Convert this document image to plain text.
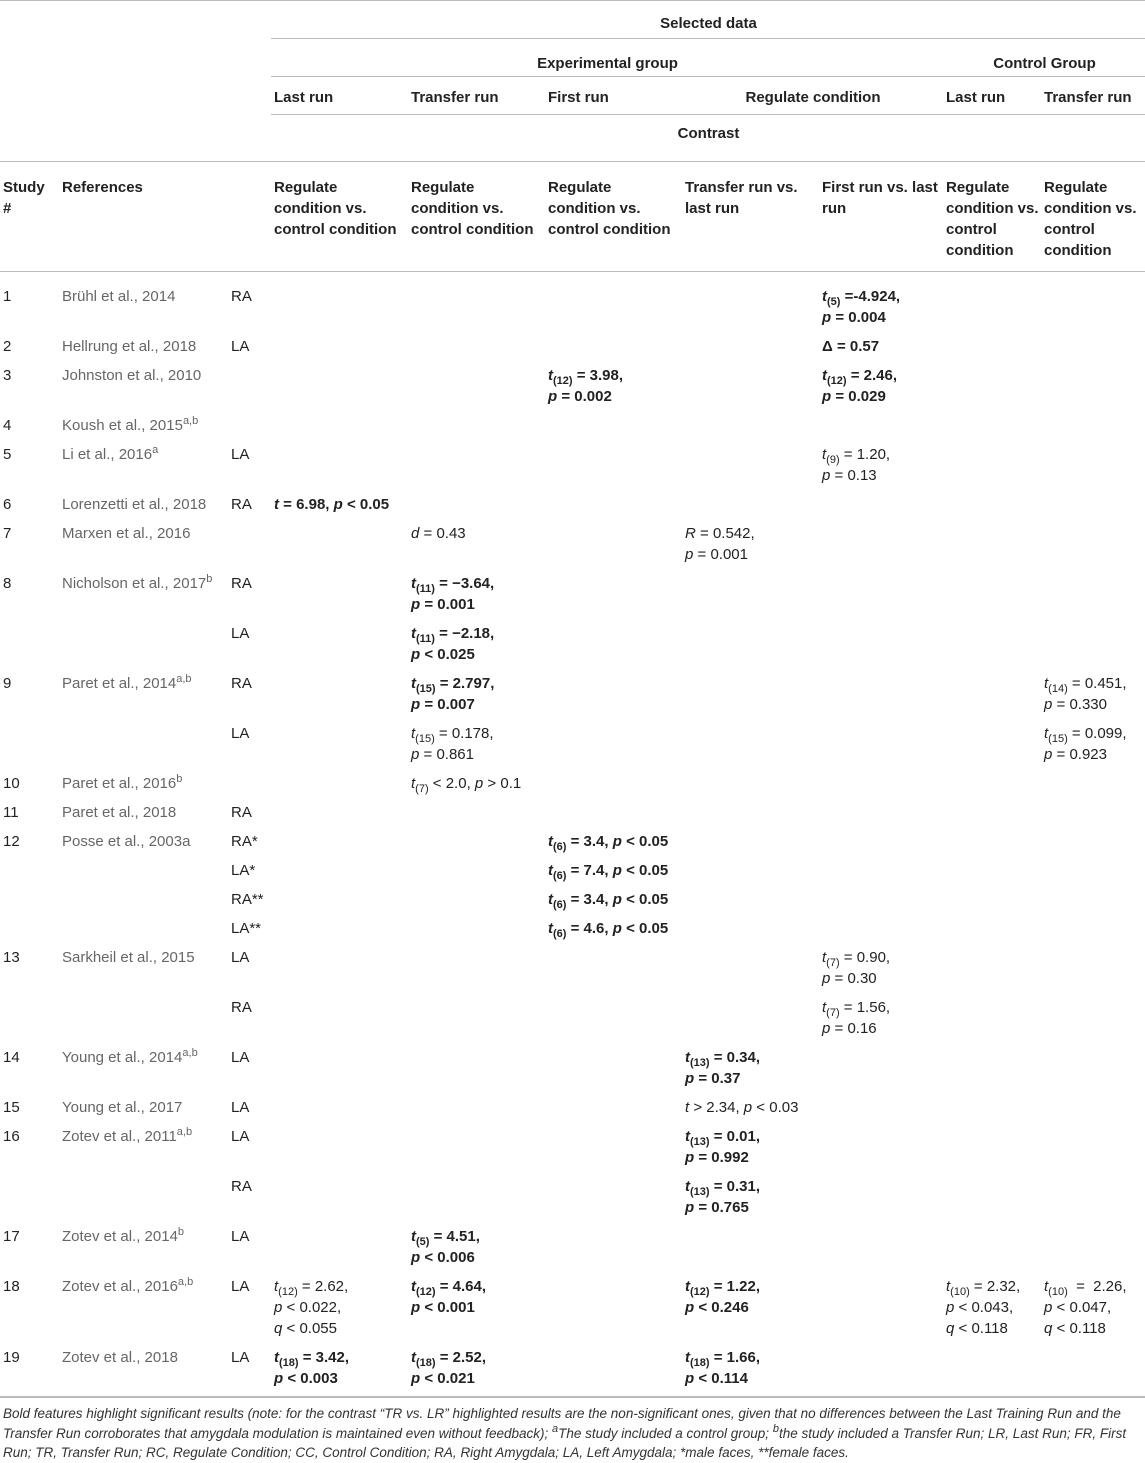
			Selected data						
			Experimental group					Control Group	
			Last run	Transfer run	First run	Regulate condition		Last run	Transfer run
			Contrast						
Study #	References		Regulate condition vs. control condition	Regulate condition vs. control condition	Regulate condition vs. control condition	Transfer run vs. last run	First run vs. last run	Regulate condition vs. control condition	Regulate condition vs. control condition
1	Brühl et al., 2014	RA					$t_{(5)} =-4.924$,
p = 0.004		
2	Hellrung et al., 2018	LA					Δ = 0.57		
3	Johnston et al., 2010				$t_{(12)} = 3.98$,
p = 0.002		$t_{(12)} = 2.46$,
p = 0.029		
4	Koush et al., 2015$^{a,b}$								
5	Li et al., 2016$^a$	LA					$t_{(9)} = 1.20$,
p = 0.13		
6	Lorenzetti et al., 2018	RA	t = 6.98, p < 0.05						
7	Marxen et al., 2016			d = 0.43		R = 0.542,
p = 0.001			
8	Nicholson et al., 2017$^b$	RA		$t_{(11)} = -3.64$,
p = 0.001					
		LA		$t_{(11)} = -2.18$,
p < 0.025					
9	Paret et al., 2014$^{a,b}$	RA		$t_{(15)} = 2.797$,
p = 0.007					$t_{(14)} = 0.451$,
p = 0.330
		LA		$t_{(15)} = 0.178$,
p = 0.861					$t_{(15)} = 0.099$,
p = 0.923
10	Paret et al., 2016$^b$			$t_{(7)} < 2.0$, p > 0.1					
11	Paret et al., 2018	RA							
12	Posse et al., 2003a	RA*			$t_{(6)} = 3.4$, p < 0.05				
		LA*			$t_{(6)} = 7.4$, p < 0.05				
		RA**			$t_{(6)} = 3.4$, p < 0.05				
		LA**			$t_{(6)} = 4.6$, p < 0.05				
13	Sarkheil et al., 2015	LA					$t_{(7)} = 0.90$,
p = 0.30		
		RA					$t_{(7)} = 1.56$,
p = 0.16		
14	Young et al., 2014$^{a,b}$	LA				$t_{(13)} = 0.34$,
p = 0.37			
15	Young et al., 2017	LA				t > 2.34, p < 0.03			
16	Zotev et al., 2011$^{a,b}$	LA				$t_{(13)} = 0.01$,
p = 0.992			
		RA				$t_{(13)} = 0.31$,
p = 0.765			
17	Zotev et al., 2014$^b$	LA		$t_{(5)} = 4.51$,
p < 0.006					
18	Zotev et al., 2016$^{a,b}$	LA	$t_{(12)} = 2.62$,
p < 0.022,
q < 0.055	$t_{(12)} = 4.64$,
p < 0.001		$t_{(12)} = 1.22$,
p < 0.246		$t_{(10)} = 2.32$,
p < 0.043,
q < 0.118	$t_{(10)} = 2.26$,
p < 0.047,
q < 0.118
19	Zotev et al., 2018	LA	$t_{(18)} = 3.42$,
p < 0.003	$t_{(18)} = 2.52$,
p < 0.021		$t_{(18)} = 1.66$,
p < 0.114			

Bold features highlight significant results (note: for the contrast “TR vs. LR” highlighted results are the non-significant ones, given that no differences between the Last Training Run and the Transfer Run corroborates that amygdala modulation is maintained even without feedback); $^a$The study included a control group; $^b$the study included a Transfer Run; LR, Last Run; FR, First Run; TR, Transfer Run; RC, Regulate Condition; CC, Control Condition; RA, Right Amygdala; LA, Left Amygdala; *male faces, **female faces.
